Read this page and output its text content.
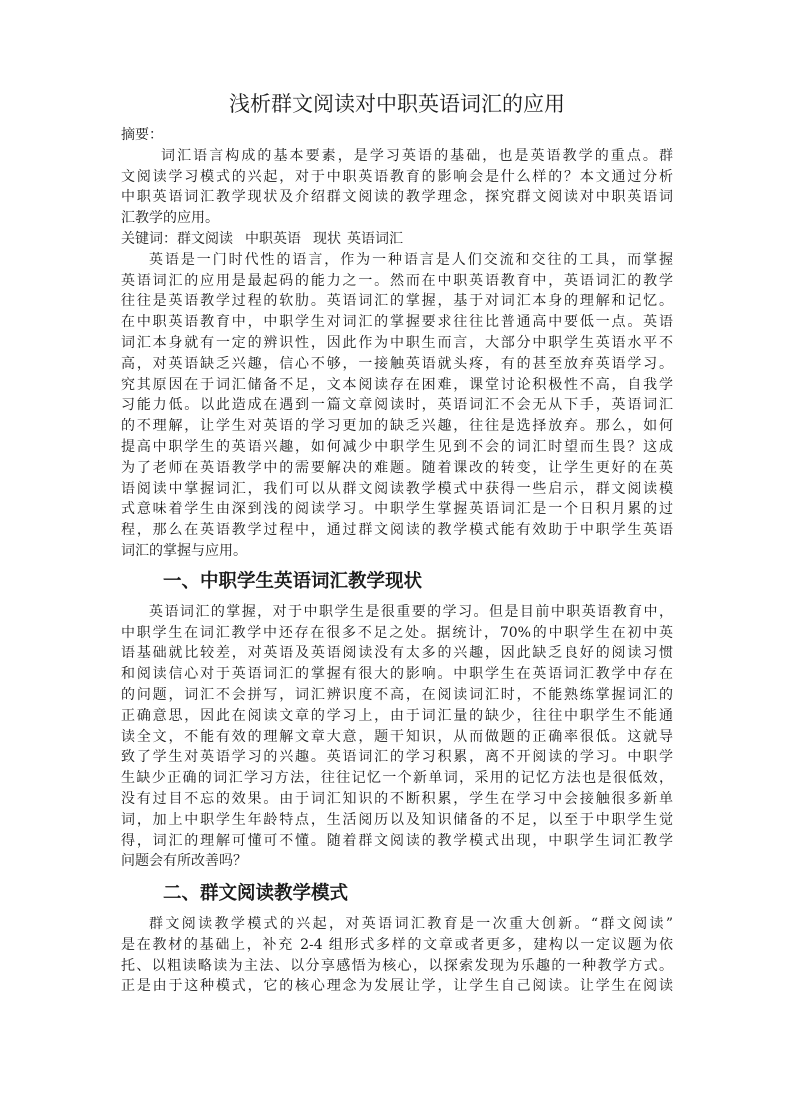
浅析群文阅读对中职英语词汇的应用
摘要：
词汇语言构成的基本要素，是学习英语的基础，也是英语教学的重点。群
文阅读学习模式的兴起，对于中职英语教育的影响会是什么样的？本文通过分析
中职英语词汇教学现状及介绍群文阅读的教学理念，探究群文阅读对中职英语词
汇教学的应用。
关键词：群文阅读 中职英语 现状 英语词汇
英语是一门时代性的语言，作为一种语言是人们交流和交往的工具，而掌握
英语词汇的应用是最起码的能力之一。然而在中职英语教育中，英语词汇的教学
往往是英语教学过程的软肋。英语词汇的掌握，基于对词汇本身的理解和记忆。
在中职英语教育中，中职学生对词汇的掌握要求往往比普通高中要低一点。英语
词汇本身就有一定的辨识性，因此作为中职生而言，大部分中职学生英语水平不
高，对英语缺乏兴趣，信心不够，一接触英语就头疼，有的甚至放弃英语学习。
究其原因在于词汇储备不足，文本阅读存在困难，课堂讨论积极性不高，自我学
习能力低。以此造成在遇到一篇文章阅读时，英语词汇不会无从下手，英语词汇
的不理解，让学生对英语的学习更加的缺乏兴趣，往往是选择放弃。那么，如何
提高中职学生的英语兴趣，如何减少中职学生见到不会的词汇时望而生畏？这成
为了老师在英语教学中的需要解决的难题。随着课改的转变，让学生更好的在英
语阅读中掌握词汇，我们可以从群文阅读教学模式中获得一些启示，群文阅读模
式意味着学生由深到浅的阅读学习。中职学生掌握英语词汇是一个日积月累的过
程，那么在英语教学过程中，通过群文阅读的教学模式能有效助于中职学生英语
词汇的掌握与应用。
一、中职学生英语词汇教学现状
英语词汇的掌握，对于中职学生是很重要的学习。但是目前中职英语教育中，
中职学生在词汇教学中还存在很多不足之处。据统计，70%的中职学生在初中英
语基础就比较差，对英语及英语阅读没有太多的兴趣，因此缺乏良好的阅读习惯
和阅读信心对于英语词汇的掌握有很大的影响。中职学生在英语词汇教学中存在
的问题，词汇不会拼写，词汇辨识度不高，在阅读词汇时，不能熟练掌握词汇的
正确意思，因此在阅读文章的学习上，由于词汇量的缺少，往往中职学生不能通
读全文，不能有效的理解文章大意，题干知识，从而做题的正确率很低。这就导
致了学生对英语学习的兴趣。英语词汇的学习积累，离不开阅读的学习。中职学
生缺少正确的词汇学习方法，往往记忆一个新单词，采用的记忆方法也是很低效，
没有过目不忘的效果。由于词汇知识的不断积累，学生在学习中会接触很多新单
词，加上中职学生年龄特点，生活阅历以及知识储备的不足，以至于中职学生觉
得，词汇的理解可懂可不懂。随着群文阅读的教学模式出现，中职学生词汇教学
问题会有所改善吗？
二、群文阅读教学模式
群文阅读教学模式的兴起，对英语词汇教育是一次重大创新。“群文阅读”
是在教材的基础上，补充 2-4 组形式多样的文章或者更多，建构以一定议题为依
托、以粗读略读为主法、以分享感悟为核心，以探索发现为乐趣的一种教学方式。
正是由于这种模式，它的核心理念为发展让学，让学生自己阅读。让学生在阅读
